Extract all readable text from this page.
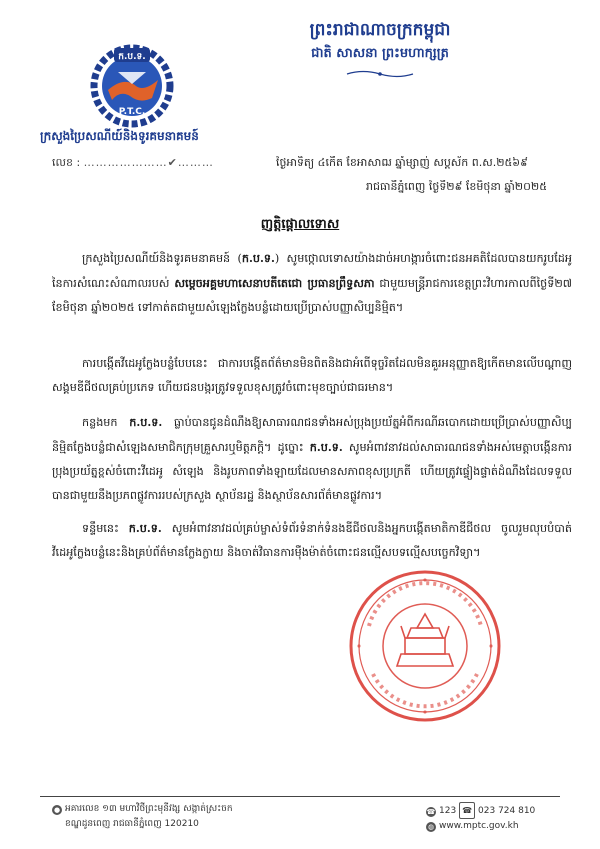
ព្រះរាជាណាចក្រកម្ពុជា
ជាតិ សាសនា ព្រះមហាក្សត្រ
ក.ប.ទ.
P.T.C.
ក្រសួងប្រៃសណីយ៍និងទូរគមនាគមន៍
លេខ : …………………✔………	ថ្ងៃអាទិត្យ ៤កើត ខែអាសាឍ ឆ្នាំម្សាញ់ សប្តស័ក ព.ស.២៥៦៩
រាជធានីភ្នំពេញ ថ្ងៃទី២៩ ខែមិថុនា ឆ្នាំ២០២៥
ញត្តិផ្តោលទោស

ក្រសួងប្រៃសណីយ៍និងទូរគមនាគមន៍ (ក.ប.ទ.) សូមថ្កោលទោសយ៉ាងដាច់អហង្ការចំពោះជនអគតិដែលបានយករូបដែអូនៃការសំណេះសំណាលរបស់ សម្តេចអគ្គមហាសេនាបតីតេជោ ប្រធានព្រឹទ្ធសភា ជាមួយមន្ត្រីរាជការខេត្តព្រះវិហារកាលពីថ្ងៃទី២៧ ខែមិថុនា ឆ្នាំ២០២៥ ទៅកាត់តជាមួយសំឡេងក្លែងបន្លំដោយប្រើប្រាស់បញ្ញាសិប្បនិម្មិត។

ការបង្កើតវីដេអូក្លែងបន្លំបែបនេះ ជាការបង្កើតព័ត៌មានមិនពិតនិងជាអំពើទុច្ចរិតដែលមិនគួរអនុញ្ញាតឱ្យកើតមានលើបណ្តាញសង្គមឌីជីថលគ្រប់ប្រភេទ ហើយជនបង្ករត្រូវទទួលខុសត្រូវចំពោះមុខច្បាប់ជាធរមាន។

កន្លងមក ក.ប.ទ. ធ្លាប់បានជូនដំណឹងឱ្យសាធារណជនទាំងអស់ប្រុងប្រយ័ត្នអំពីករណីឆបោកដោយប្រើប្រាស់បញ្ញាសិប្បនិម្មិតក្លែងបន្លំជាសំឡេងសមាជិកក្រុមគ្រួសារឬមិត្តភក្តិ។ ដូច្នោះ ក.ប.ទ. សូមអំពាវនាវដល់សាធារណជនទាំងអស់មេត្តាបង្កើនការប្រុងប្រយ័ត្នខ្ពស់ចំពោះវីដេអូ សំឡេង និងរូបភាពទាំងឡាយដែលមានសភាពខុសប្រក្រតី ហើយត្រូវផ្ទៀងផ្ទាត់ដំណឹងដែលទទួលបានជាមួយនឹងប្រភពផ្លូវការរបស់ក្រសួង ស្ថាប័នរដ្ឋ និងស្ថាប័នសារព័ត៌មានផ្លូវការ។

ទន្ទឹមនេះ ក.ប.ទ. សូមអំពាវនាវដល់គ្រប់ម្ចាស់ទំព័រទំនាក់ទំនងឌីជីថលនិងអ្នកបង្កើតមាតិកាឌីជីថល ចូលរួមលុបបំបាត់វីដេអូក្លែងបន្លំនេះនិងគ្រប់ព័ត៌មានក្លែងក្លាយ និងចាត់វិធានការម៉ឺងម៉ាត់ចំពោះជនល្មើសបទល្មើសបច្ចេកវិទ្យា។

● អគារលេខ ១៣ មហាវិថីព្រះមុនីវង្ស សង្កាត់ស្រះចក
ខណ្ឌដូនពេញ រាជធានីភ្នំពេញ 120210
☎ 123 ☎ 023 724 810
◍ www.mptc.gov.kh
